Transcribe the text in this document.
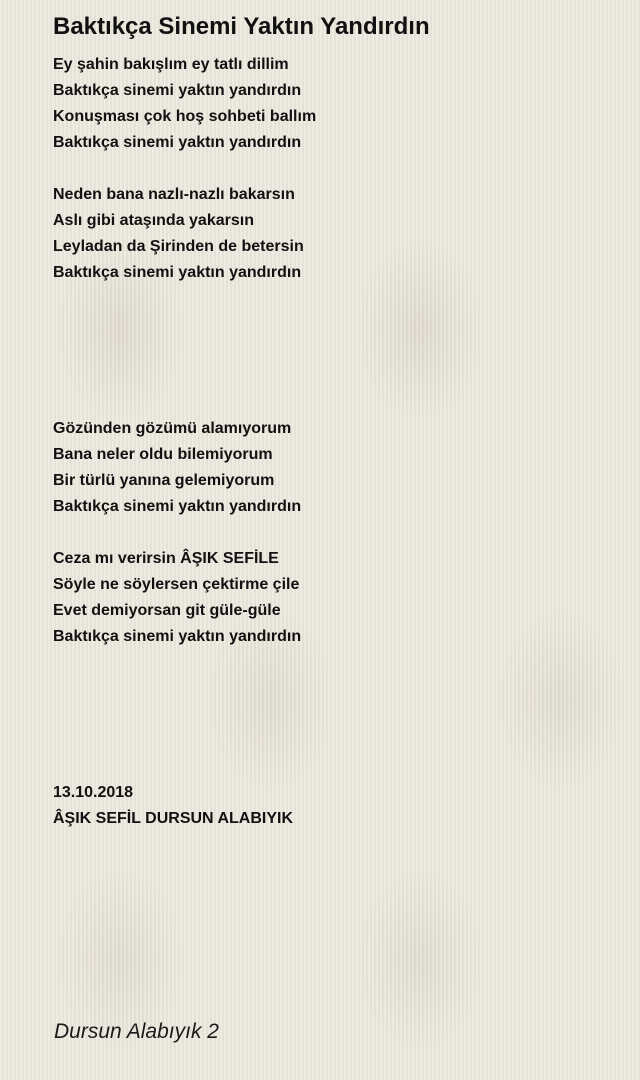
Baktıkça Sinemi Yaktın Yandırdın
Ey şahin bakışlım ey tatlı dillim
Baktıkça sinemi yaktın yandırdın
Konuşması çok hoş sohbeti ballım
Baktıkça sinemi yaktın yandırdın
Neden bana nazlı-nazlı bakarsın
Aslı gibi ataşında yakarsın
Leyladan da Şirinden de betersin
Baktıkça sinemi yaktın yandırdın
Gözünden gözümü alamıyorum
Bana neler oldu bilemiyorum
Bir türlü yanına gelemiyorum
Baktıkça sinemi yaktın yandırdın
Ceza mı verirsin ÂŞIK SEFİLE
Söyle ne söylersen çektirme çile
Evet demiyorsan git güle-güle
Baktıkça sinemi yaktın yandırdın
13.10.2018
ÂŞIK SEFİL DURSUN ALABIYIK
Dursun Alabıyık 2
